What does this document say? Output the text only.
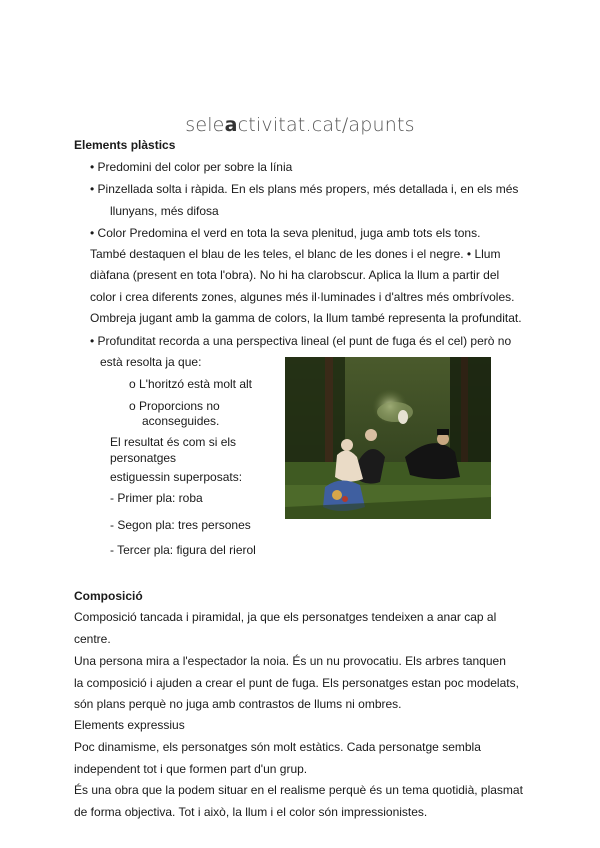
seleactivitat.cat/apunts
Elements plàstics
• Predomini del color per sobre la línia
• Pinzellada solta i ràpida. En els plans més propers, més detallada i, en els més
llunyans, més difosa
• Color Predomina el verd en tota la seva plenitud, juga amb tots els tons.
També destaquen el blau de les teles, el blanc de les dones i el negre. • Llum
diàfana (present en tota l'obra). No hi ha clarobscur. Aplica la llum a partir del
color i crea diferents zones, algunes més il·luminades i d'altres més ombrívoles.
Ombreja jugant amb la gamma de colors, la llum també representa la profunditat.
• Profunditat recorda a una perspectiva lineal (el punt de fuga és el cel) però no
està resolta ja que:
o L'horitzó està molt alt
o Proporcions no
aconseguides.
El resultat és com si els
personatges
estiguessin superposats:
- Primer pla: roba
- Segon pla: tres persones
- Tercer pla: figura del rierol
Composició
Composició tancada i piramidal, ja que els personatges tendeixen a anar cap al
centre.
Una persona mira a l'espectador la noia. És un nu provocatiu. Els arbres tanquen
la composició i ajuden a crear el punt de fuga. Els personatges estan poc modelats,
són plans perquè no juga amb contrastos de llums ni ombres.
Elements expressius
Poc dinamisme, els personatges són molt estàtics. Cada personatge sembla
independent tot i que formen part d'un grup.
És una obra que la podem situar en el realisme perquè és un tema quotidià, plasmat
de forma objectiva. Tot i això, la llum i el color són impressionistes.
